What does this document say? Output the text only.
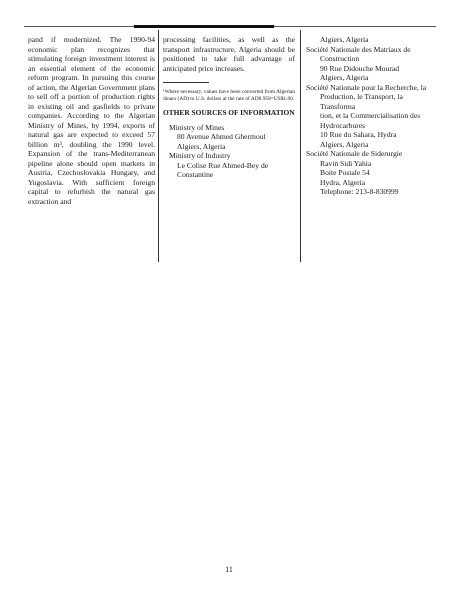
pand if modernized. The 1990-94 economic plan recognizes that stimulating foreign investment interest is an essential element of the economic reform program. In pursuing this course of action, the Algerian Government plans to sell off a portion of production rights in existing oil and gasfields to private companies. According to the Algerian Ministry of Mines, by 1994, exports of natural gas are expected to exceed 57 billion m³, doubling the 1990 level. Expansion of the trans-Mediterranean pipeline alone should open markets in Austria, Czechoslovakia Hungary, and Yugoslavia. With sufficient foreign capital to refurbish the natural gas extraction and

processing facilities, as well as the transport infrastructure, Algeria should be positioned to take full advantage of anticipated price increases.

¹Where necessary, values have been converted from Algerian dinars (AD) to U.S. dollars at the rate of AD8.958=US$1.00.

OTHER SOURCES OF INFORMATION

Ministry of Mines

80 Avenue Ahmed Ghermoul

Algiers, Algeria

Ministry of Industry

Le Colise Rue Ahmed-Bey de Constantine

Algiers, Algeria

Société Nationale des Matriaux de

Construction

90 Rue Didouche Mourad

Algiers, Algeria

Société Nationale pour la Recherche, la

Production, le Transport, la Transforma

tion, et la Commercialisation des

Hydrocarbures

10 Rue du Sahara, Hydra

Algiers, Algeria

Société Nationale de Siderurgie

Ravin Sidi Yahia

Boite Postale 54

Hydra, Algeria

Telephone: 213-8-830999

11
